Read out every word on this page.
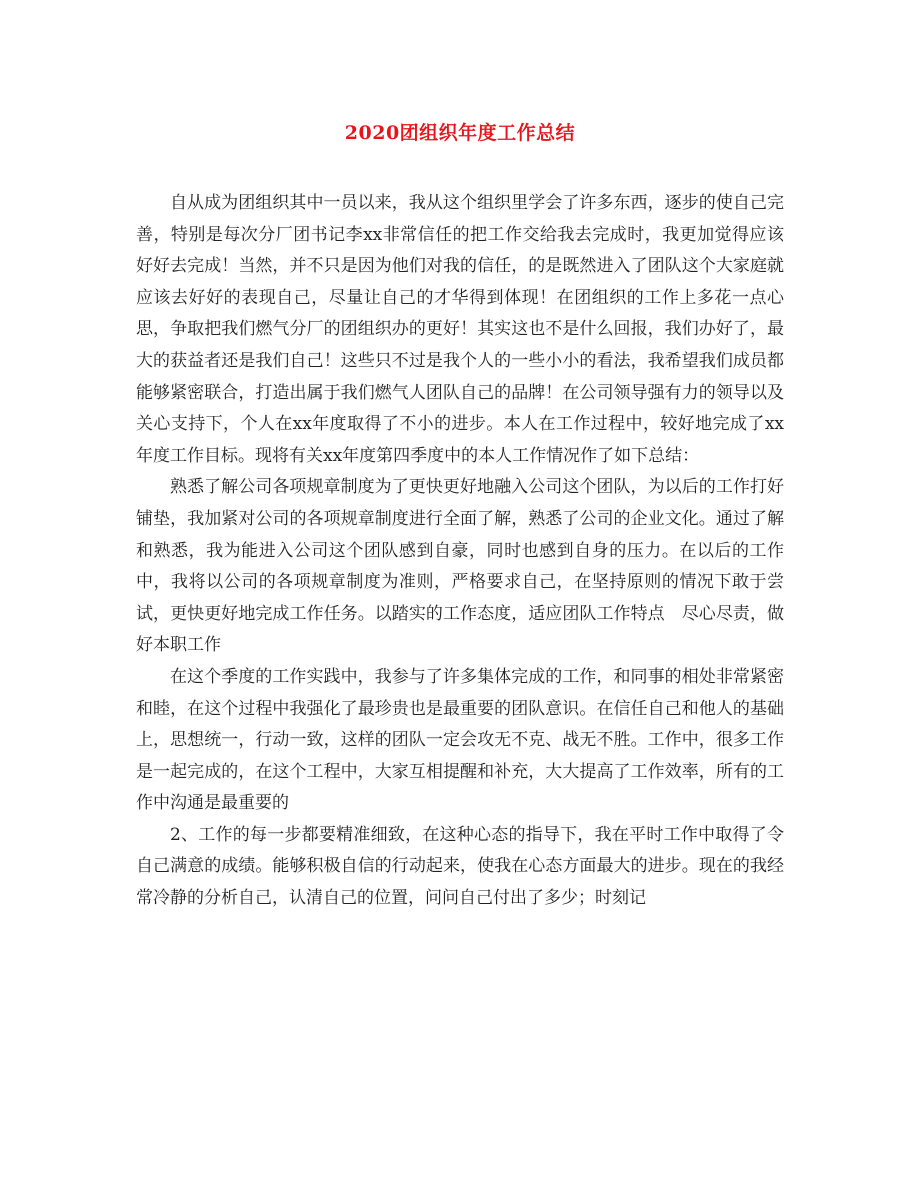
2020团组织年度工作总结

自从成为团组织其中一员以来，我从这个组织里学会了许多东西，逐步的使自己完善，特别是每次分厂团书记李xx非常信任的把工作交给我去完成时，我更加觉得应该好好去完成！当然，并不只是因为他们对我的信任，的是既然进入了团队这个大家庭就应该去好好的表现自己，尽量让自己的才华得到体现！在团组织的工作上多花一点心思，争取把我们燃气分厂的团组织办的更好！其实这也不是什么回报，我们办好了，最大的获益者还是我们自己！这些只不过是我个人的一些小小的看法，我希望我们成员都能够紧密联合，打造出属于我们燃气人团队自己的品牌！在公司领导强有力的领导以及关心支持下，个人在xx年度取得了不小的进步。本人在工作过程中，较好地完成了xx年度工作目标。现将有关xx年度第四季度中的本人工作情况作了如下总结：

熟悉了解公司各项规章制度为了更快更好地融入公司这个团队，为以后的工作打好铺垫，我加紧对公司的各项规章制度进行全面了解，熟悉了公司的企业文化。通过了解和熟悉，我为能进入公司这个团队感到自豪，同时也感到自身的压力。在以后的工作中，我将以公司的各项规章制度为准则，严格要求自己，在坚持原则的情况下敢于尝试，更快更好地完成工作任务。以踏实的工作态度，适应团队工作特点　尽心尽责，做好本职工作

在这个季度的工作实践中，我参与了许多集体完成的工作，和同事的相处非常紧密和睦，在这个过程中我强化了最珍贵也是最重要的团队意识。在信任自己和他人的基础上，思想统一，行动一致，这样的团队一定会攻无不克、战无不胜。工作中，很多工作是一起完成的，在这个工程中，大家互相提醒和补充，大大提高了工作效率，所有的工作中沟通是最重要的

2、工作的每一步都要精准细致，在这种心态的指导下，我在平时工作中取得了令自己满意的成绩。能够积极自信的行动起来，使我在心态方面最大的进步。现在的我经常冷静的分析自己，认清自己的位置，问问自己付出了多少；时刻记
